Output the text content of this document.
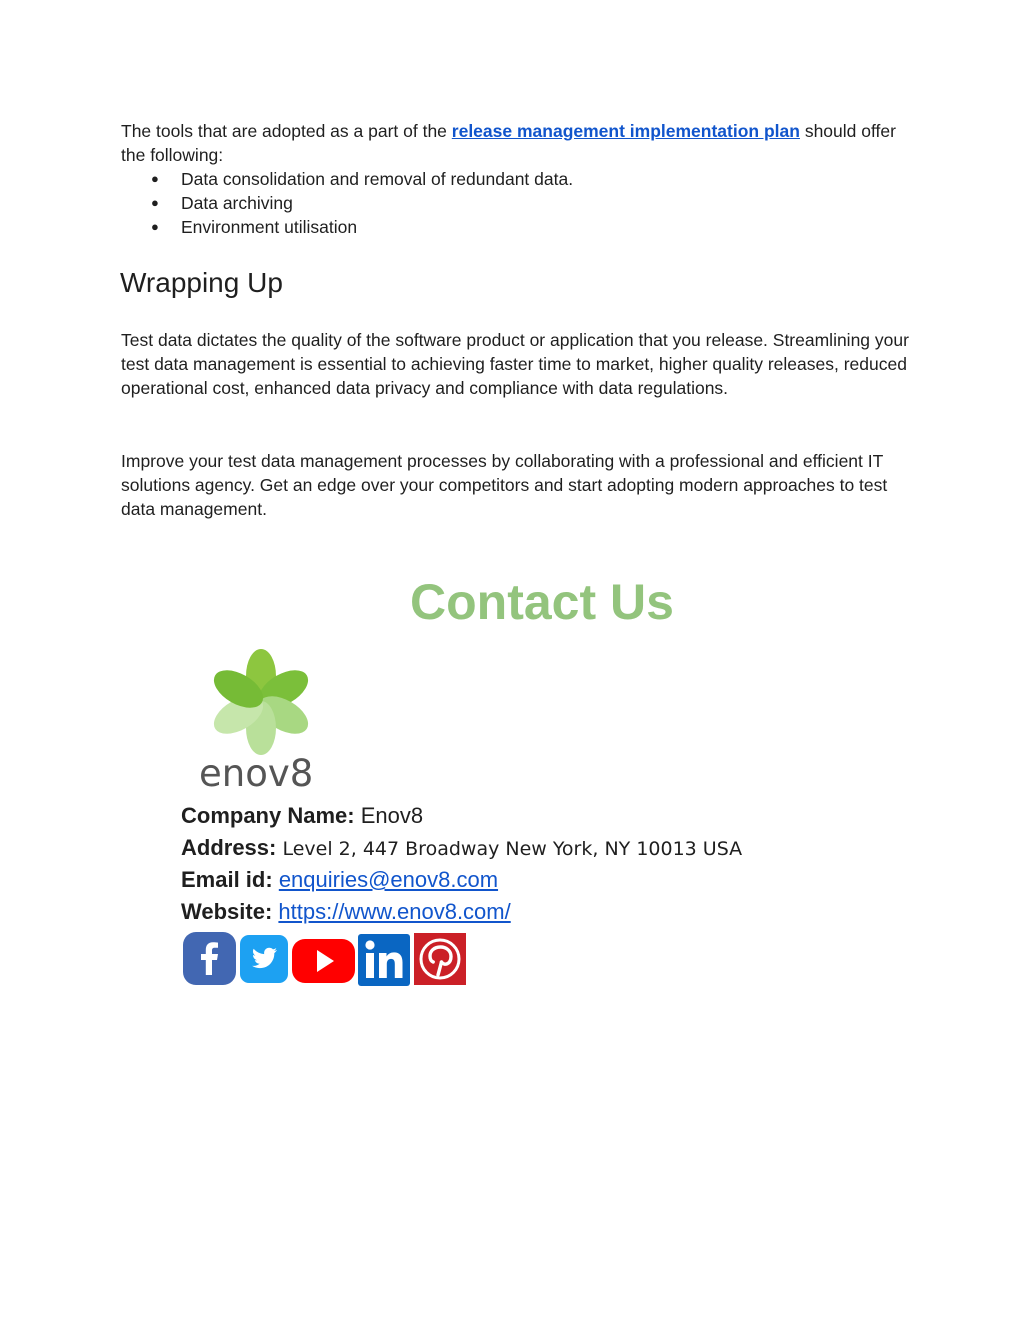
The tools that are adopted as a part of the release management implementation plan should offer the following:

● Data consolidation and removal of redundant data.
● Data archiving
● Environment utilisation
Wrapping Up

Test data dictates the quality of the software product or application that you release. Streamlining your test data management is essential to achieving faster time to market, higher quality releases, reduced operational cost, enhanced data privacy and compliance with data regulations.

Improve your test data management processes by collaborating with a professional and efficient IT solutions agency. Get an edge over your competitors and start adopting modern approaches to test data management.

Contact Us
enov8
Company Name: Enov8
Address: Level 2, 447 Broadway New York, NY 10013 USA
Email id: enquiries@enov8.com
Website: https://www.enov8.com/
